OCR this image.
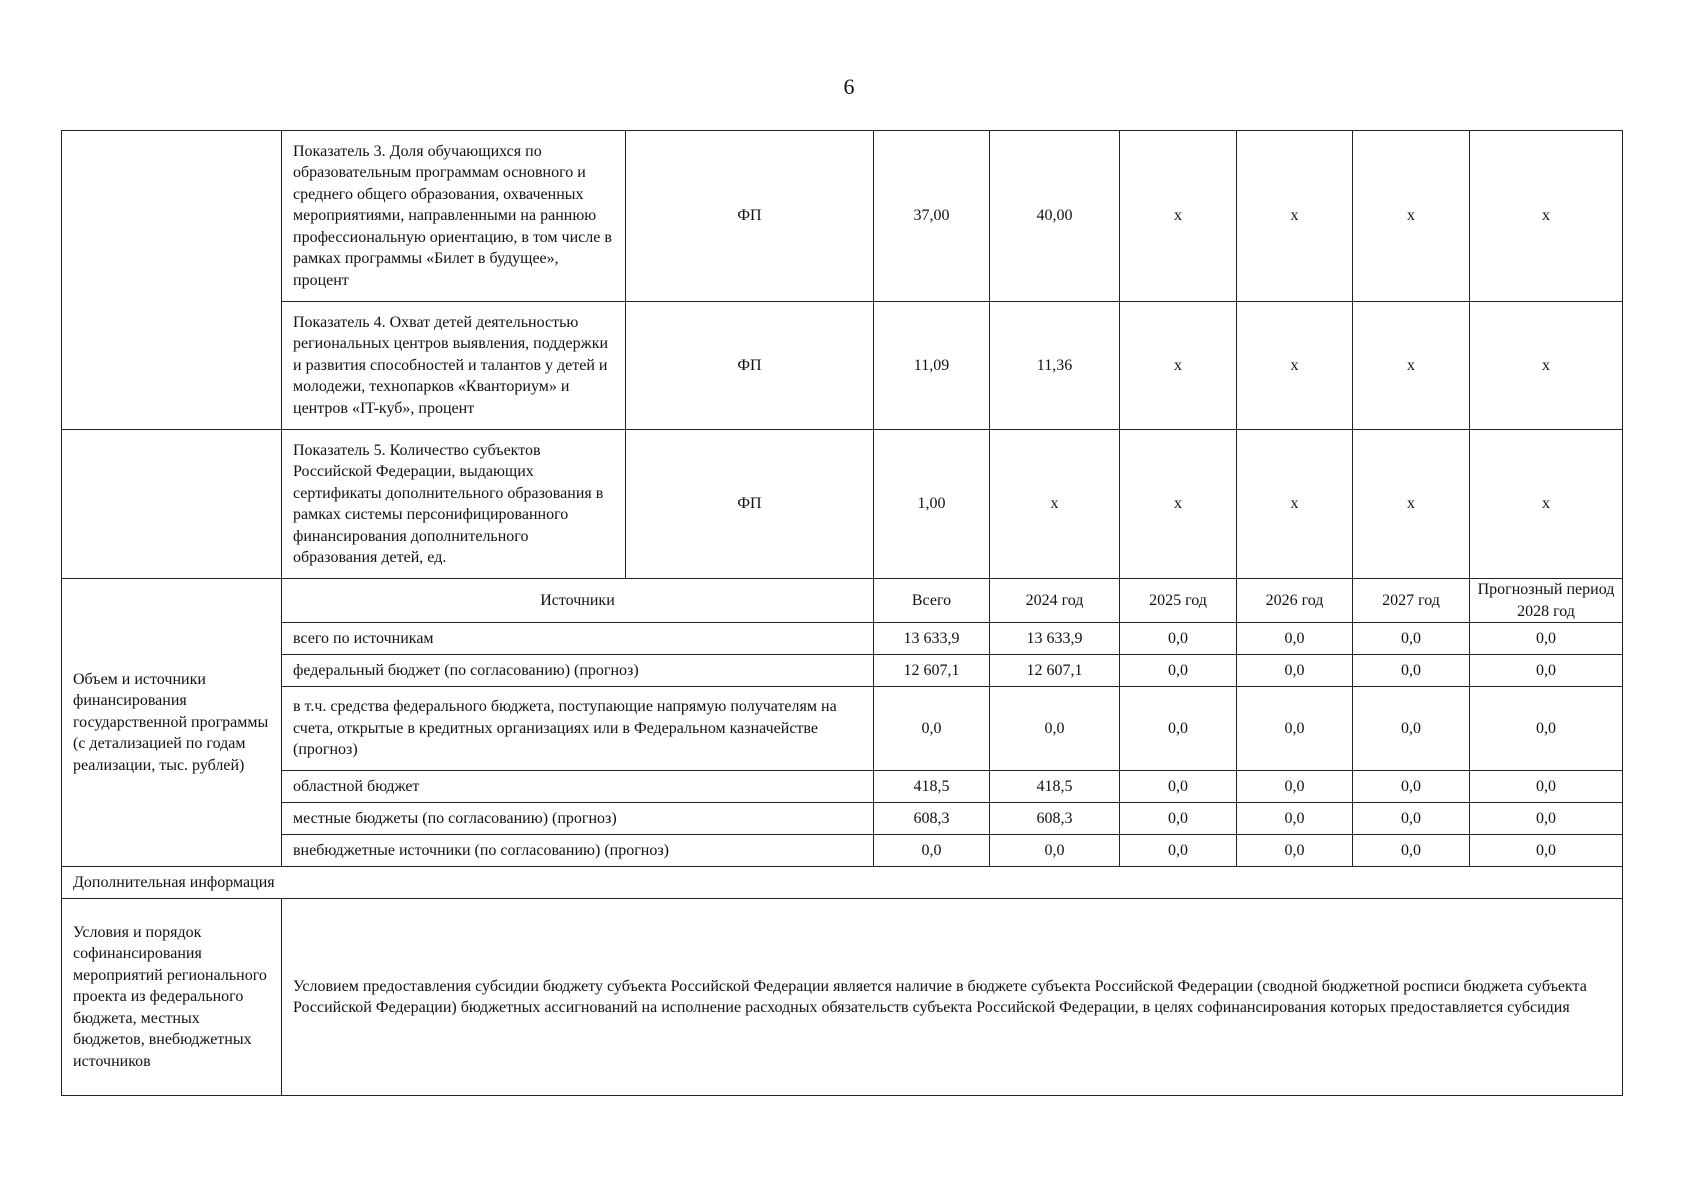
6
	Показатель 3. Доля обучающихся по образовательным программам основного и среднего общего образования, охваченных мероприятиями, направленными на раннюю профессиональную ориентацию, в том числе в рамках программы «Билет в будущее», процент	ФП	37,00	40,00	х	х	х	х
	Показатель 4. Охват детей деятельностью региональных центров выявления, поддержки и развития способностей и талантов у детей и молодежи, технопарков «Кванториум» и центров «IT-куб», процент	ФП	11,09	11,36	х	х	х	х
	Показатель 5. Количество субъектов Российской Федерации, выдающих сертификаты дополнительного образования в рамках системы персонифицированного финансирования дополнительного образования детей, ед.	ФП	1,00	х	х	х	х	х
Объем и источники финансирования государственной программы (с детализацией по годам реализации, тыс. рублей)	Источники		Всего	2024 год	2025 год	2026 год	2027 год	Прогнозный период 2028 год
	всего по источникам		13 633,9	13 633,9	0,0	0,0	0,0	0,0
	федеральный бюджет (по согласованию) (прогноз)		12 607,1	12 607,1	0,0	0,0	0,0	0,0
	в т.ч. средства федерального бюджета, поступающие напрямую получателям на счета, открытые в кредитных организациях или в Федеральном казначействе (прогноз)		0,0	0,0	0,0	0,0	0,0	0,0
	областной бюджет		418,5	418,5	0,0	0,0	0,0	0,0
	местные бюджеты (по согласованию) (прогноз)		608,3	608,3	0,0	0,0	0,0	0,0
	внебюджетные источники (по согласованию) (прогноз)		0,0	0,0	0,0	0,0	0,0	0,0
Дополнительная информация								
Условия и порядок софинансирования мероприятий регионального проекта из федерального бюджета, местных бюджетов, внебюджетных источников	Условием предоставления субсидии бюджету субъекта Российской Федерации является наличие в бюджете субъекта Российской Федерации (сводной бюджетной росписи бюджета субъекта Российской Федерации) бюджетных ассигнований на исполнение расходных обязательств субъекта Российской Федерации, в целях софинансирования которых предоставляется субсидия							
